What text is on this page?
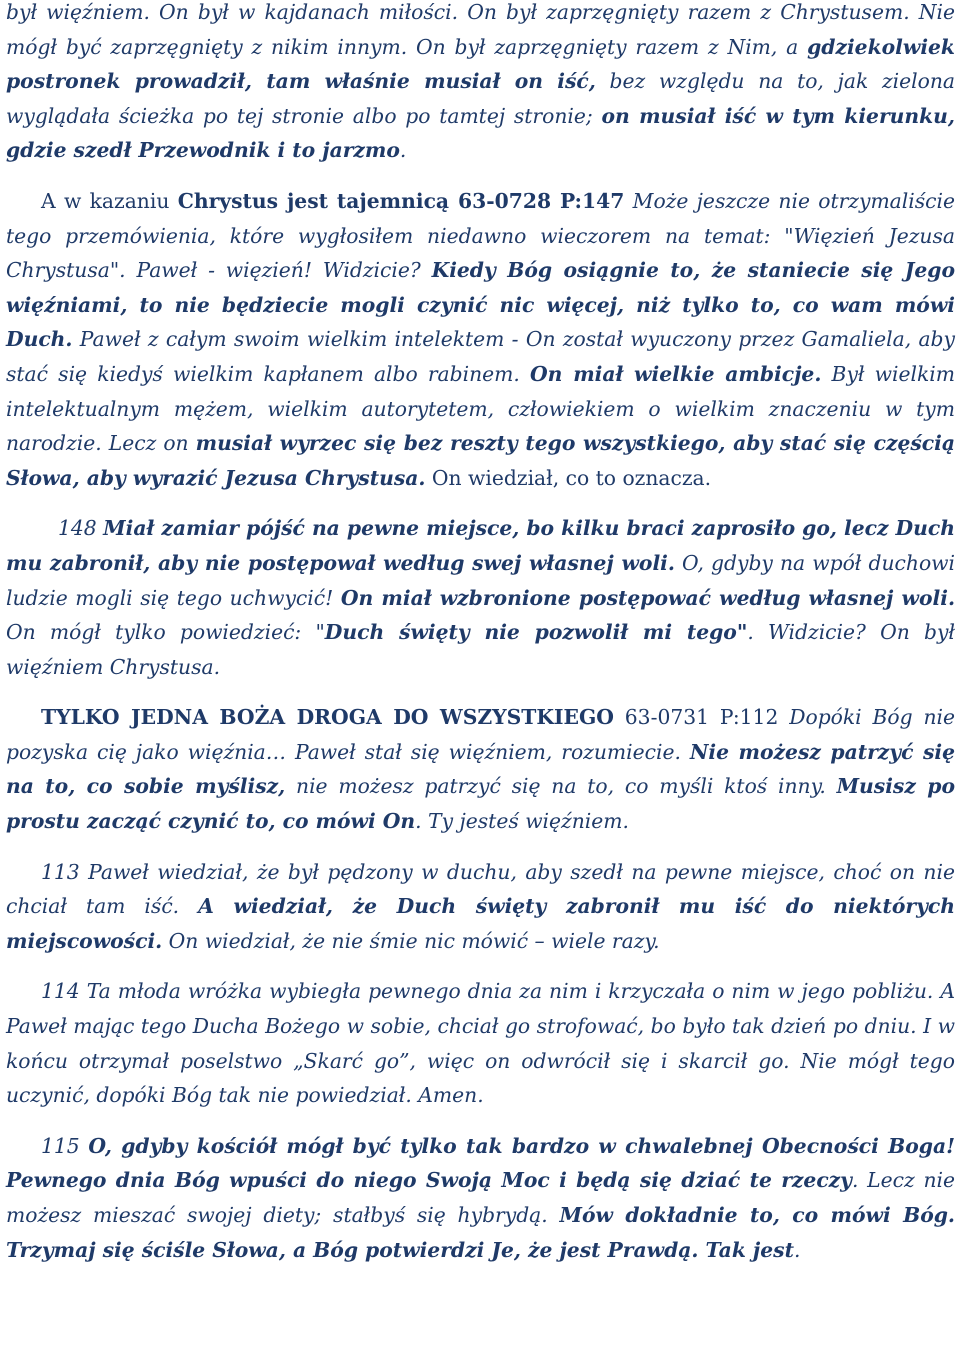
był więźniem. On był w kajdanach miłości. On był zaprzęgnięty razem z Chrystusem. Nie mógł być zaprzęgnięty z nikim innym. On był zaprzęgnięty razem z Nim, a gdziekolwiek postronek prowadził, tam właśnie musiał on iść, bez względu na to, jak zielona wyglądała ścieżka po tej stronie albo po tamtej stronie; on musiał iść w tym kierunku, gdzie szedł Przewodnik i to jarzmo.

A w kazaniu Chrystus jest tajemnicą 63-0728 P:147 Może jeszcze nie otrzymaliście tego przemówienia, które wygłosiłem niedawno wieczorem na temat: "Więzień Jezusa Chrystusa". Paweł - więzień! Widzicie? Kiedy Bóg osiągnie to, że staniecie się Jego więźniami, to nie będziecie mogli czynić nic więcej, niż tylko to, co wam mówi Duch. Paweł z całym swoim wielkim intelektem - On został wyuczony przez Gamaliela, aby stać się kiedyś wielkim kapłanem albo rabinem. On miał wielkie ambicje. Był wielkim intelektualnym mężem, wielkim autorytetem, człowiekiem o wielkim znaczeniu w tym narodzie. Lecz on musiał wyrzec się bez reszty tego wszystkiego, aby stać się częścią Słowa, aby wyrazić Jezusa Chrystusa. On wiedział, co to oznacza.

148 Miał zamiar pójść na pewne miejsce, bo kilku braci zaprosiło go, lecz Duch mu zabronił, aby nie postępował według swej własnej woli. O, gdyby na wpół duchowi ludzie mogli się tego uchwycić! On miał wzbronione postępować według własnej woli. On mógł tylko powiedzieć: "Duch święty nie pozwolił mi tego". Widzicie? On był więźniem Chrystusa.

TYLKO JEDNA BOŻA DROGA DO WSZYSTKIEGO 63-0731 P:112 Dopóki Bóg nie pozyska cię jako więźnia… Paweł stał się więźniem, rozumiecie. Nie możesz patrzyć się na to, co sobie myślisz, nie możesz patrzyć się na to, co myśli ktoś inny. Musisz po prostu zacząć czynić to, co mówi On. Ty jesteś więźniem.

113 Paweł wiedział, że był pędzony w duchu, aby szedł na pewne miejsce, choć on nie chciał tam iść. A wiedział, że Duch święty zabronił mu iść do niektórych miejscowości. On wiedział, że nie śmie nic mówić – wiele razy.

114 Ta młoda wróżka wybiegła pewnego dnia za nim i krzyczała o nim w jego pobliżu. A Paweł mając tego Ducha Bożego w sobie, chciał go strofować, bo było tak dzień po dniu. I w końcu otrzymał poselstwo „Skarć go”, więc on odwrócił się i skarcił go. Nie mógł tego uczynić, dopóki Bóg tak nie powiedział. Amen.

115 O, gdyby kościół mógł być tylko tak bardzo w chwalebnej Obecności Boga! Pewnego dnia Bóg wpuści do niego Swoją Moc i będą się dziać te rzeczy. Lecz nie możesz mieszać swojej diety; stałbyś się hybrydą. Mów dokładnie to, co mówi Bóg. Trzymaj się ściśle Słowa, a Bóg potwierdzi Je, że jest Prawdą. Tak jest.
